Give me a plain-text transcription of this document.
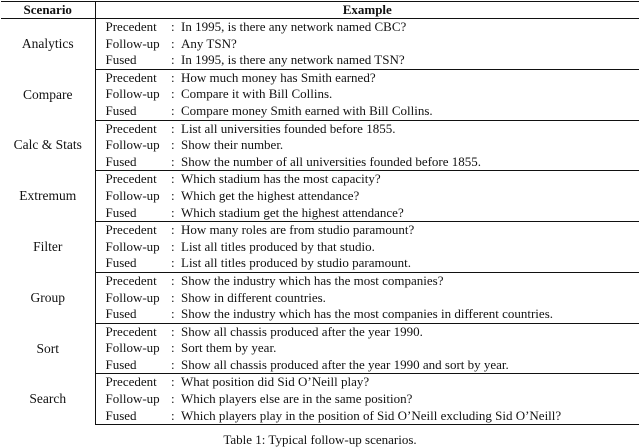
Scenario	Example	
Analytics	Precedent	: In 1995, is there any network named CBC?
	Follow-up	: Any TSN?
	Fused	: In 1995, is there any network named TSN?
Compare	Precedent	: How much money has Smith earned?
	Follow-up	: Compare it with Bill Collins.
	Fused	: Compare money Smith earned with Bill Collins.
Calc & Stats	Precedent	: List all universities founded before 1855.
	Follow-up	: Show their number.
	Fused	: Show the number of all universities founded before 1855.
Extremum	Precedent	: Which stadium has the most capacity?
	Follow-up	: Which get the highest attendance?
	Fused	: Which stadium get the highest attendance?
Filter	Precedent	: How many roles are from studio paramount?
	Follow-up	: List all titles produced by that studio.
	Fused	: List all titles produced by studio paramount.
Group	Precedent	: Show the industry which has the most companies?
	Follow-up	: Show in different countries.
	Fused	: Show the industry which has the most companies in different countries.
Sort	Precedent	: Show all chassis produced after the year 1990.
	Follow-up	: Sort them by year.
	Fused	: Show all chassis produced after the year 1990 and sort by year.
Search	Precedent	: What position did Sid O’Neill play?
	Follow-up	: Which players else are in the same position?
	Fused	: Which players play in the position of Sid O’Neill excluding Sid O’Neill?
Table 1: Typical follow-up scenarios.
